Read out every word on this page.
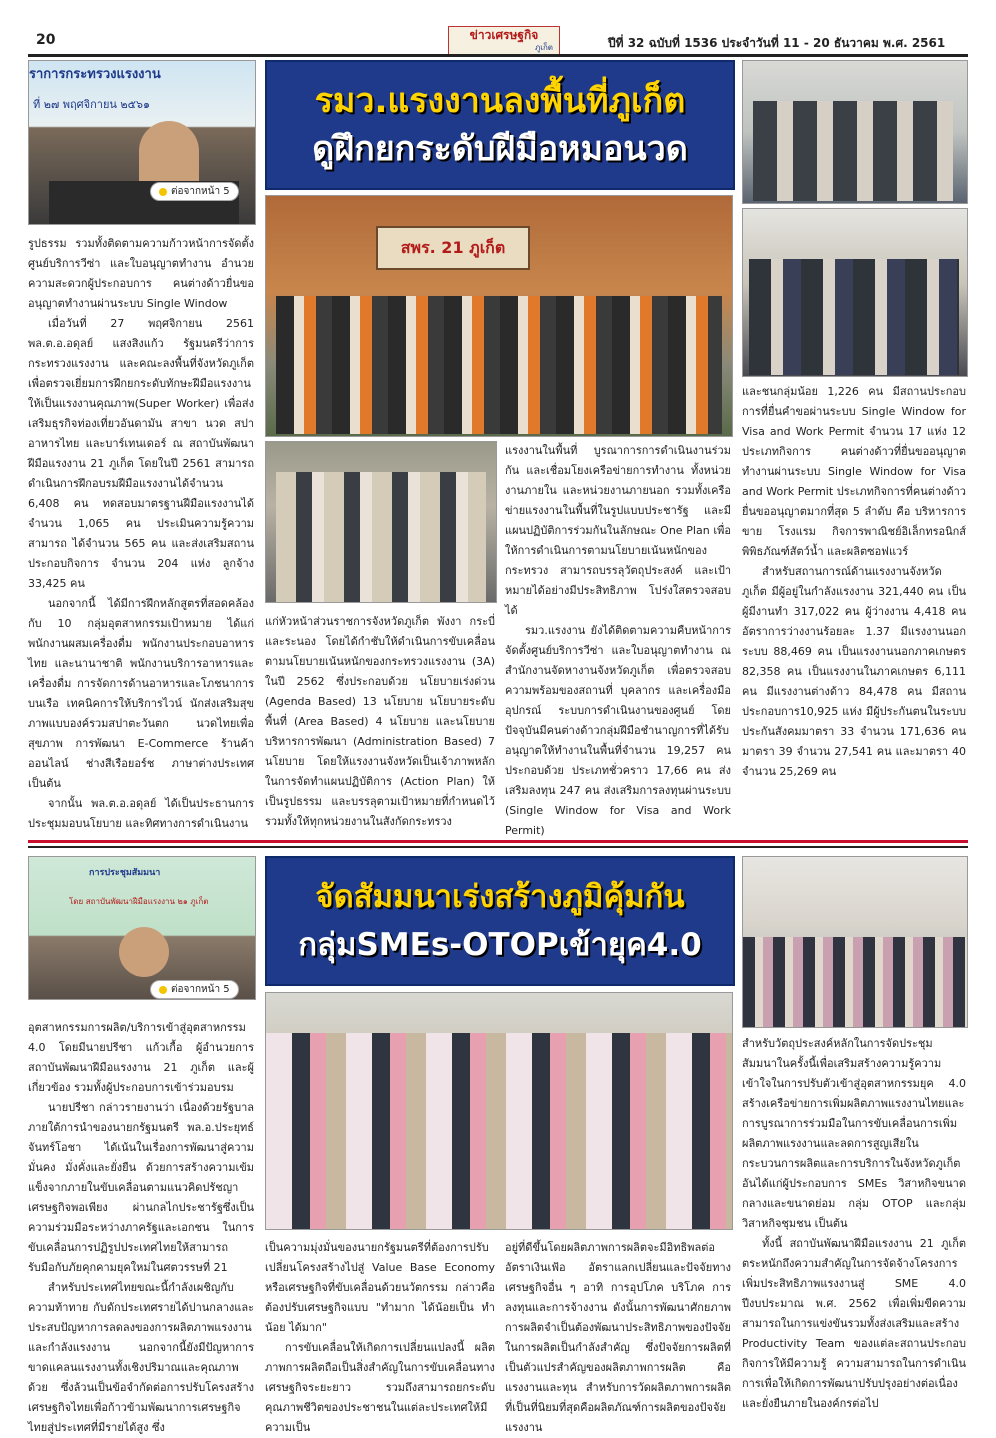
20	ข่าวเศรษฐกิจ
ภูเก็ต	ปีที่ 32 ฉบับที่ 1536 ประจำวันที่ 11 - 20 ธันวาคม พ.ศ. 2561
ราการกระทรวงแรงงาน
ที่ ๒๗ พฤศจิกายน ๒๕๖๑
ต่อจากหน้า 5
รมว.แรงงานลงพื้นที่ภูเก็ต
ดูฝึกยกระดับฝีมือหมอนวด
สพร. 21 ภูเก็ต

รูปธรรม รวมทั้งติดตามความก้าวหน้าการจัดตั้งศูนย์บริการวีซ่า และใบอนุญาตทำงาน อำนวยความสะดวกผู้ประกอบการ คนต่างด้าวยื่นขออนุญาตทำงานผ่านระบบ Single Window

เมื่อวันที่ 27 พฤศจิกายน 2561 พล.ต.อ.อดุลย์ แสงสิงแก้ว รัฐมนตรีว่าการกระทรวงแรงงาน และคณะลงพื้นที่จังหวัดภูเก็ตเพื่อตรวจเยี่ยมการฝึกยกระดับทักษะฝีมือแรงงานให้เป็นแรงงานคุณภาพ(Super Worker) เพื่อส่งเสริมธุรกิจท่องเที่ยวอันดามัน สาขา นวด สปา อาหารไทย และบาร์เทนเดอร์ ณ สถาบันพัฒนาฝีมือแรงงาน 21 ภูเก็ต โดยในปี 2561 สามารถดำเนินการฝึกอบรมฝีมือแรงงานได้จำนวน 6,408 คน ทดสอบมาตรฐานฝีมือแรงงานได้จำนวน 1,065 คน ประเมินความรู้ความสามารถ ได้จำนวน 565 คน และส่งเสริมสถานประกอบกิจการ จำนวน 204 แห่ง ลูกจ้าง 33,425 คน

นอกจากนี้ ได้มีการฝึกหลักสูตรที่สอดคล้องกับ 10 กลุ่มอุตสาหกรรมเป้าหมาย ได้แก่ พนักงานผสมเครื่องดื่ม พนักงานประกอบอาหารไทย และนานาชาติ พนักงานบริการอาหารและเครื่องดื่ม การจัดการด้านอาหารและโภชนาการบนเรือ เทคนิคการให้บริการไวน์ นักส่งเสริมสุขภาพแบบองค์รวมสปาตะวันตก นวดไทยเพื่อสุขภาพ การพัฒนา E-Commerce ร้านค้าออนไลน์ ช่างสีเรือยอร์ช ภาษาต่างประเทศ เป็นต้น

จากนั้น พล.ต.อ.อดุลย์ ได้เป็นประธานการประชุมมอบนโยบาย และทิศทางการดำเนินงาน

แก่หัวหน้าส่วนราชการจังหวัดภูเก็ต พังงา กระบี่ และระนอง โดยได้กำชับให้ดำเนินการขับเคลื่อนตามนโยบายเน้นหนักของกระทรวงแรงงาน (3A) ในปี 2562 ซึ่งประกอบด้วย นโยบายเร่งด่วน (Agenda Based) 13 นโยบาย นโยบายระดับพื้นที่ (Area Based) 4 นโยบาย และนโยบายบริหารการพัฒนา (Administration Based) 7 นโยบาย โดยให้แรงงานจังหวัดเป็นเจ้าภาพหลักในการจัดทำแผนปฏิบัติการ (Action Plan) ให้เป็นรูปธรรม และบรรลุตามเป้าหมายที่กำหนดไว้ รวมทั้งให้ทุกหน่วยงานในสังกัดกระทรวง

แรงงานในพื้นที่ บูรณาการการดำเนินงานร่วมกัน และเชื่อมโยงเครือข่ายการทำงาน ทั้งหน่วยงานภายใน และหน่วยงานภายนอก รวมทั้งเครือข่ายแรงงานในพื้นที่ในรูปแบบประชารัฐ และมีแผนปฏิบัติการร่วมกันในลักษณะ One Plan เพื่อให้การดำเนินการตามนโยบายเน้นหนักของกระทรวง สามารถบรรลุวัตถุประสงค์ และเป้าหมายได้อย่างมีประสิทธิภาพ โปร่งใสตรวจสอบได้

รมว.แรงงาน ยังได้ติดตามความคืบหน้าการจัดตั้งศูนย์บริการวีซ่า และใบอนุญาตทำงาน ณ สำนักงานจัดหางานจังหวัดภูเก็ต เพื่อตรวจสอบความพร้อมของสถานที่ บุคลากร และเครื่องมือ อุปกรณ์ ระบบการดำเนินงานของศูนย์ โดยปัจจุบันมีคนต่างด้าวกลุ่มฝีมือชำนาญการที่ได้รับอนุญาตให้ทำงานในพื้นที่จำนวน 19,257 คน ประกอบด้วย ประเภทชั่วคราว 17,66 คน ส่งเสริมลงทุน 247 คน ส่งเสริมการลงทุนผ่านระบบ (Single Window for Visa and Work Permit)

และชนกลุ่มน้อย 1,226 คน มีสถานประกอบการที่ยื่นคำขอผ่านระบบ Single Window for Visa and Work Permit จำนวน 17 แห่ง 12 ประเภทกิจการ คนต่างด้าวที่ยื่นขออนุญาตทำงานผ่านระบบ Single Window for Visa and Work Permit ประเภทกิจการที่คนต่างด้าวยื่นขออนุญาตมากที่สุด 5 ลำดับ คือ บริหารการขาย โรงแรม กิจการพาณิชย์อิเล็กทรอนิกส์ พิพิธภัณฑ์สัตว์น้ำ และผลิตซอฟแวร์

สำหรับสถานการณ์ด้านแรงงานจังหวัดภูเก็ต มีผู้อยู่ในกำลังแรงงาน 321,440 คน เป็นผู้มีงานทำ 317,022 คน ผู้ว่างงาน 4,418 คน อัตราการว่างงานร้อยละ 1.37 มีแรงงานนอกระบบ 88,469 คน เป็นแรงงานนอกภาคเกษตร 82,358 คน เป็นแรงงานในภาคเกษตร 6,111 คน มีแรงงานต่างด้าว 84,478 คน มีสถานประกอบการ10,925 แห่ง มีผู้ประกันตนในระบบประกันสังคมมาตรา 33 จำนวน 171,636 คน มาตรา 39 จำนวน 27,541 คน และมาตรา 40 จำนวน 25,269 คน

การประชุมสัมมนา
โดย สถาบันพัฒนาฝีมือแรงงาน ๒๑ ภูเก็ต
ต่อจากหน้า 5
จัดสัมมนาเร่งสร้างภูมิคุ้มกัน
กลุ่มSMEs-OTOPเข้ายุค4.0

อุตสาหกรรมการผลิต/บริการเข้าสู่อุตสาหกรรม 4.0 โดยมีนายปรีชา แก้วเกื้อ ผู้อำนวยการสถาบันพัฒนาฝีมือแรงงาน 21 ภูเก็ต และผู้เกี่ยวข้อง รวมทั้งผู้ประกอบการเข้าร่วมอบรม

นายปรีชา กล่าวรายงานว่า เนื่องด้วยรัฐบาลภายใต้การนำของนายกรัฐมนตรี พล.อ.ประยุทธ์ จันทร์โอชา ได้เน้นในเรื่องการพัฒนาสู่ความมั่นคง มั่งคั่งและยั่งยืน ด้วยการสร้างความเข้มแข็งจากภายในขับเคลื่อนตามแนวคิดปรัชญาเศรษฐกิจพอเพียง ผ่านกลไกประชารัฐซึ่งเป็นความร่วมมือระหว่างภาครัฐและเอกชน ในการขับเคลื่อนการปฏิรูปประเทศไทยให้สามารถรับมือกับภัยคุกคามยุคใหม่ในศตวรรษที่ 21

สำหรับประเทศไทยขณะนี้กำลังเผชิญกับความท้าทาย กับดักประเทศรายได้ปานกลางและประสบปัญหาการลดลงของการผลิตภาพแรงงาน และกำลังแรงงาน นอกจากนี้ยังมีปัญหาการขาดแคลนแรงงานทั้งเชิงปริมาณและคุณภาพด้วย ซึ่งล้วนเป็นข้อจำกัดต่อการปรับโครงสร้างเศรษฐกิจไทยเพื่อก้าวข้ามพัฒนาการเศรษฐกิจไทยสู่ประเทศที่มีรายได้สูง ซึ่ง

เป็นความมุ่งมั่นของนายกรัฐมนตรีที่ต้องการปรับเปลี่ยนโครงสร้างไปสู่ Value Base Economy หรือเศรษฐกิจที่ขับเคลื่อนด้วยนวัตกรรม กล่าวคือต้องปรับเศรษฐกิจแบบ "ทำมาก ได้น้อยเป็น ทำน้อย ได้มาก"

การขับเคลื่อนให้เกิดการเปลี่ยนแปลงนี้ ผลิตภาพการผลิตถือเป็นสิ่งสำคัญในการขับเคลื่อนทางเศรษฐกิจระยะยาว รวมถึงสามารถยกระดับคุณภาพชีวิตของประชาชนในแต่ละประเทศให้มีความเป็น

อยู่ที่ดีขึ้นโดยผลิตภาพการผลิตจะมีอิทธิพลต่ออัตราเงินเฟ้อ อัตราแลกเปลี่ยนและปัจจัยทางเศรษฐกิจอื่น ๆ อาทิ การอุปโภค บริโภค การลงทุนและการจ้างงาน ดังนั้นการพัฒนาศักยภาพการผลิตจำเป็นต้องพัฒนาประสิทธิภาพของปัจจัยในการผลิตเป็นกำลังสำคัญ ซึ่งปัจจัยการผลิตที่เป็นตัวแปรสำคัญของผลิตภาพการผลิต คือแรงงานและทุน สำหรับการวัดผลิตภาพการผลิตที่เป็นที่นิยมที่สุดคือผลิตภัณฑ์การผลิตของปัจจัยแรงงาน

สำหรับวัตถุประสงค์หลักในการจัดประชุมสัมมนาในครั้งนี้เพื่อเสริมสร้างความรู้ความเข้าใจในการปรับตัวเข้าสู่อุตสาหกรรมยุค 4.0 สร้างเครือข่ายการเพิ่มผลิตภาพแรงงานไทยและการบูรณาการร่วมมือในการขับเคลื่อนการเพิ่มผลิตภาพแรงงานและลดการสูญเสียในกระบวนการผลิตและการบริการในจังหวัดภูเก็ต อันได้แก่ผู้ประกอบการ SMEs วิสาหกิจขนาดกลางและขนาดย่อม กลุ่ม OTOP และกลุ่มวิสาหกิจชุมชน เป็นต้น

ทั้งนี้ สถาบันพัฒนาฝีมือแรงงาน 21 ภูเก็ต ตระหนักถึงความสำคัญในการจัดจ้างโครงการเพิ่มประสิทธิภาพแรงงานสู่ SME 4.0 ปีงบประมาณ พ.ศ. 2562 เพื่อเพิ่มขีดความสามารถในการแข่งขันรวมทั้งส่งเสริมและสร้าง Productivity Team ของแต่ละสถานประกอบกิจการให้มีความรู้ ความสามารถในการดำเนินการเพื่อให้เกิดการพัฒนาปรับปรุงอย่างต่อเนื่องและยั่งยืนภายในองค์กรต่อไป
